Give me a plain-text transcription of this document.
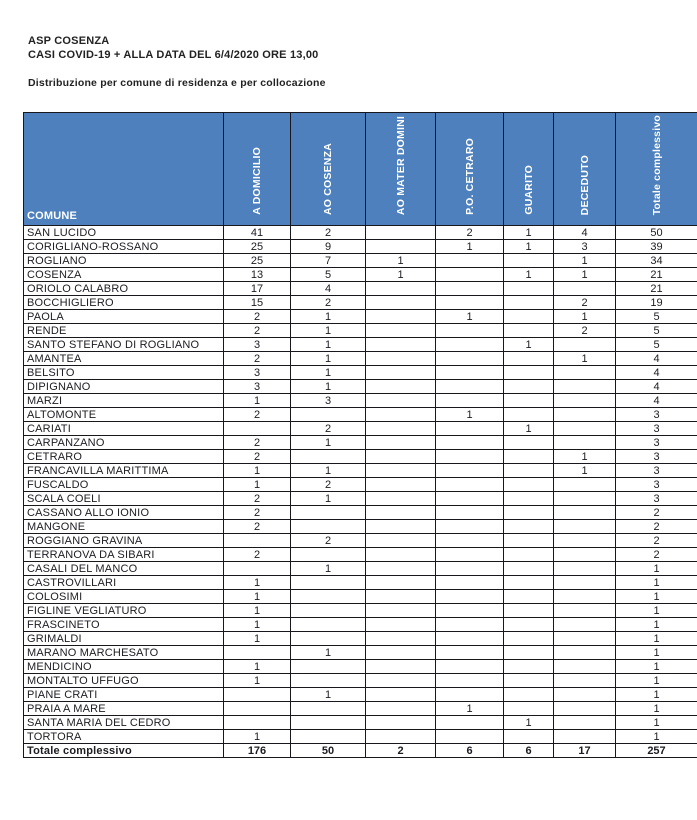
ASP COSENZA
CASI COVID-19 + ALLA DATA DEL 6/4/2020 ORE 13,00
Distribuzione per comune di residenza e per collocazione
COMUNE	A DOMICILIO	AO COSENZA	AO MATER DOMINI	P.O. CETRARO	GUARITO	DECEDUTO	Totale complessivo
SAN LUCIDO	41	2		2	1	4	50
CORIGLIANO-ROSSANO	25	9		1	1	3	39
ROGLIANO	25	7	1			1	34
COSENZA	13	5	1		1	1	21
ORIOLO CALABRO	17	4					21
BOCCHIGLIERO	15	2				2	19
PAOLA	2	1		1		1	5
RENDE	2	1				2	5
SANTO STEFANO DI ROGLIANO	3	1			1		5
AMANTEA	2	1				1	4
BELSITO	3	1					4
DIPIGNANO	3	1					4
MARZI	1	3					4
ALTOMONTE	2			1			3
CARIATI		2			1		3
CARPANZANO	2	1					3
CETRARO	2					1	3
FRANCAVILLA MARITTIMA	1	1				1	3
FUSCALDO	1	2					3
SCALA COELI	2	1					3
CASSANO ALLO IONIO	2						2
MANGONE	2						2
ROGGIANO GRAVINA		2					2
TERRANOVA DA SIBARI	2						2
CASALI DEL MANCO		1					1
CASTROVILLARI	1						1
COLOSIMI	1						1
FIGLINE VEGLIATURO	1						1
FRASCINETO	1						1
GRIMALDI	1						1
MARANO MARCHESATO		1					1
MENDICINO	1						1
MONTALTO UFFUGO	1						1
PIANE CRATI		1					1
PRAIA A MARE				1			1
SANTA MARIA DEL CEDRO					1		1
TORTORA	1						1
Totale complessivo	176	50	2	6	6	17	257
